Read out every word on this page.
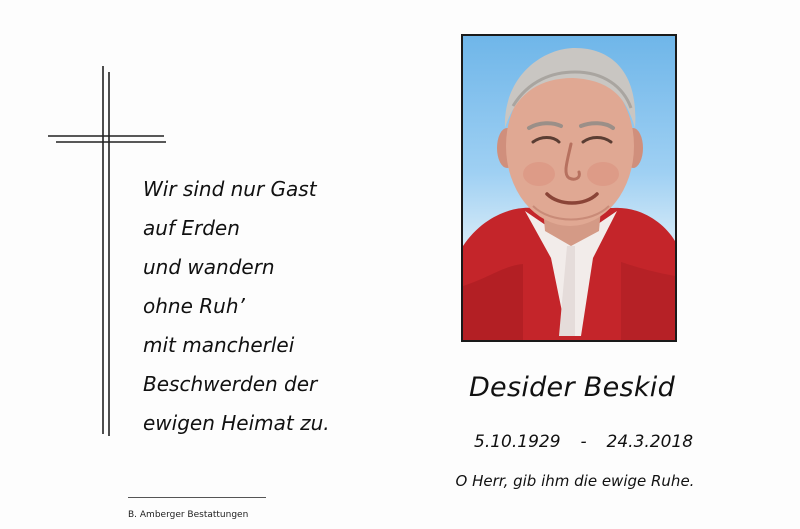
Wir sind nur Gast
auf Erden
und wandern
ohne Ruh’
mit mancherlei
Beschwerden der
ewigen Heimat zu.
Desider Beskid
5.10.1929 - 24.3.2018
O Herr, gib ihm die ewige Ruhe.
B. Amberger Bestattungen
